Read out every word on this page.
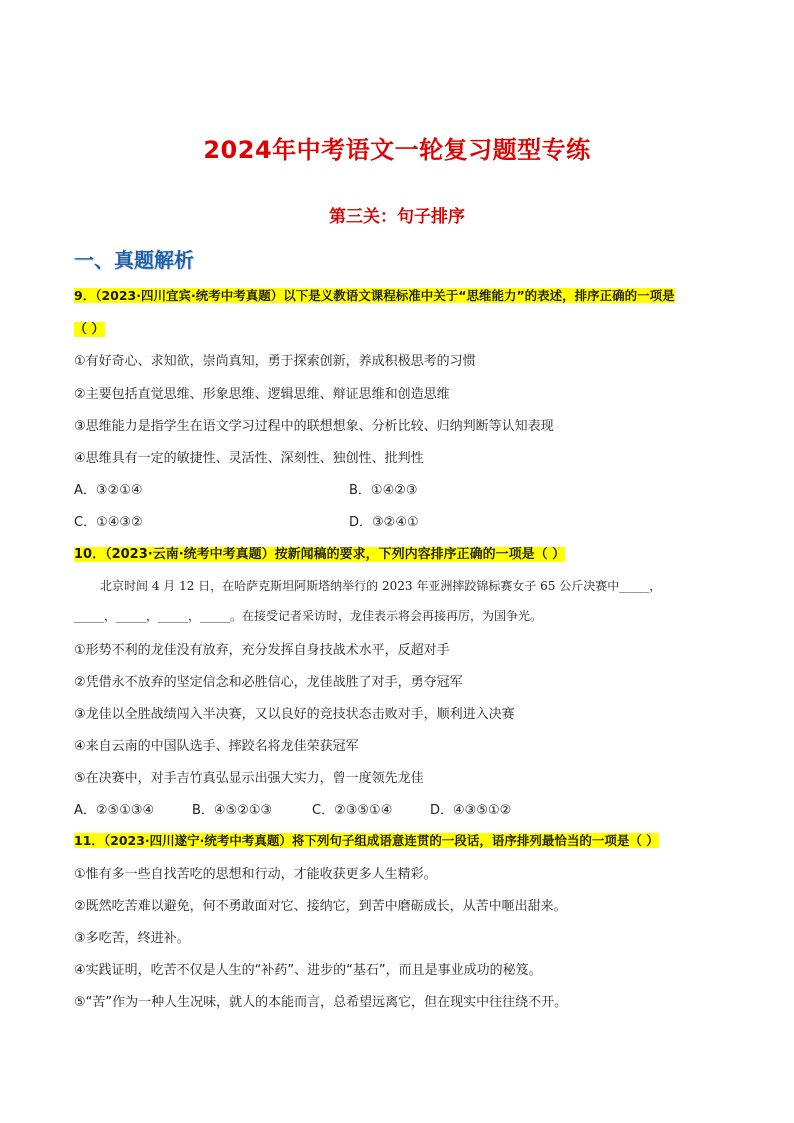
2024年中考语文一轮复习题型专练
第三关：句子排序
一、真题解析
9．（2023·四川宜宾·统考中考真题）以下是义教语文课程标准中关于“思维能力”的表述，排序正确的一项是
（ ）
①有好奇心、求知欲，崇尚真知，勇于探索创新，养成积极思考的习惯
②主要包括直觉思维、形象思维、逻辑思维、辩证思维和创造思维
③思维能力是指学生在语文学习过程中的联想想象、分析比较、归纳判断等认知表现
④思维具有一定的敏捷性、灵活性、深刻性、独创性、批判性
A．③②①④	B．①④②③
C．①④③②	D．③②④①
10．（2023·云南·统考中考真题）按新闻稿的要求，下列内容排序正确的一项是（ ）
北京时间 4 月 12 日，在哈萨克斯坦阿斯塔纳举行的 2023 年亚洲摔跤锦标赛女子 65 公斤决赛中_____，
_____，_____，_____，_____。在接受记者采访时，龙佳表示将会再接再厉，为国争光。
①形势不利的龙佳没有放弃，充分发挥自身技战术水平，反超对手
②凭借永不放弃的坚定信念和必胜信心，龙佳战胜了对手，勇夺冠军
③龙佳以全胜战绩闯入半决赛，又以良好的竞技状态击败对手，顺利进入决赛
④来自云南的中国队选手、摔跤名将龙佳荣获冠军
⑤在决赛中，对手吉竹真弘显示出强大实力，曾一度领先龙佳
A．②⑤①③④	B．④⑤②①③	C．②③⑤①④	D．④③⑤①②
11．（2023·四川遂宁·统考中考真题）将下列句子组成语意连贯的一段话，语序排列最恰当的一项是（ ）
①惟有多一些自找苦吃的思想和行动，才能收获更多人生精彩。
②既然吃苦难以避免，何不勇敢面对它、接纳它，到苦中磨砺成长，从苦中咂出甜来。
③多吃苦，终进补。
④实践证明，吃苦不仅是人生的“补药”、进步的“基石”，而且是事业成功的秘笈。
⑤“苦”作为一种人生况味，就人的本能而言，总希望远离它，但在现实中往往绕不开。
